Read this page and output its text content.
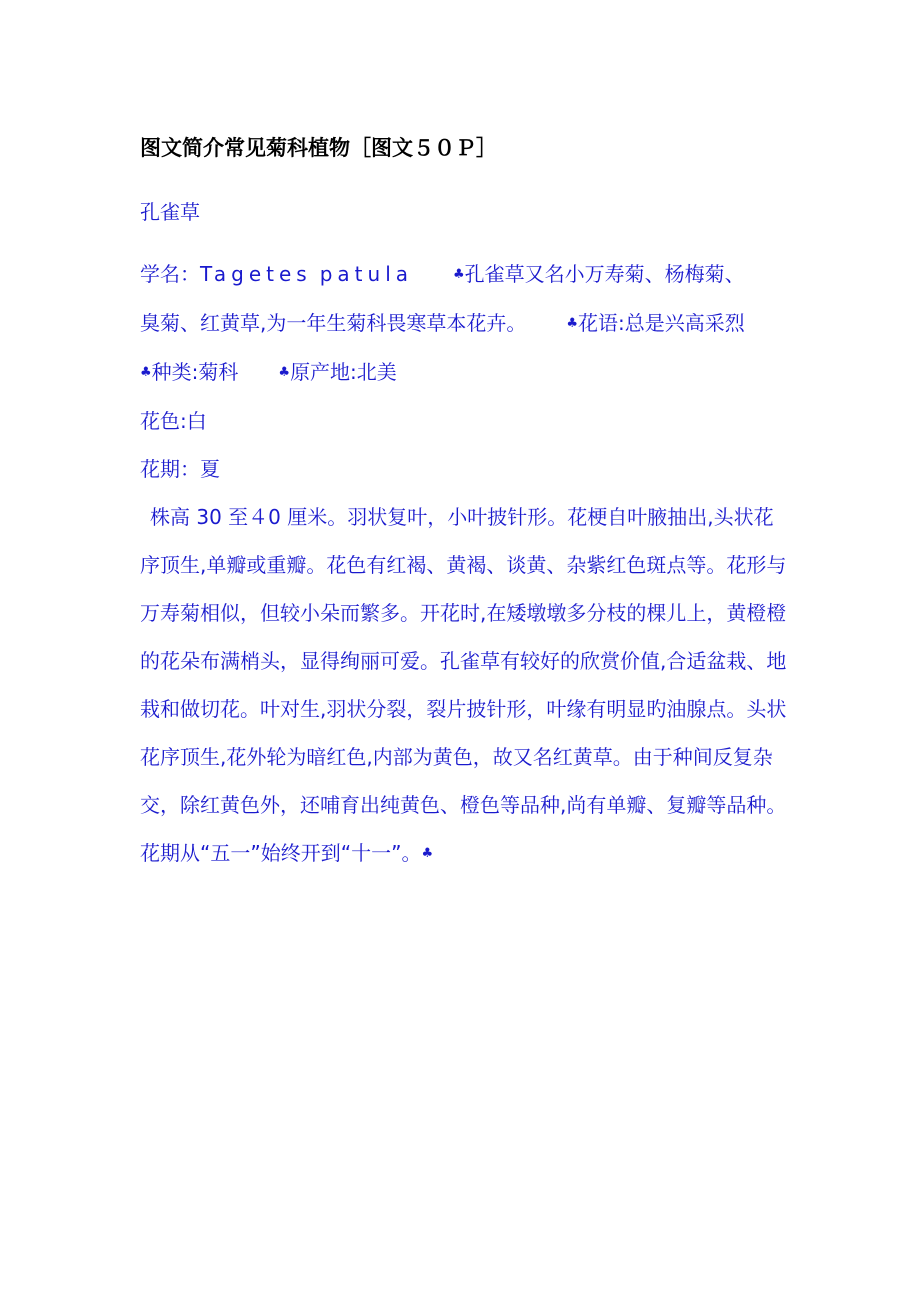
图文简介常见菊科植物［图文５０Ｐ］
孔雀草
学名：Tagetes patula	♣孔雀草又名小万寿菊、杨梅菊、
臭菊、红黄草,为一年生菊科畏寒草本花卉。	♣花语:总是兴高采烈
♣种类:菊科	♣原产地:北美
花色:白
花期：夏

株高 30 至４0 厘米。羽状复叶，小叶披针形。花梗自叶腋抽出,头状花序顶生,单瓣或重瓣。花色有红褐、黄褐、谈黄、杂紫红色斑点等。花形与万寿菊相似，但较小朵而繁多。开花时,在矮墩墩多分枝的棵儿上，黄橙橙的花朵布满梢头，显得绚丽可爱。孔雀草有较好的欣赏价值,合适盆栽、地栽和做切花。叶对生,羽状分裂，裂片披针形，叶缘有明显旳油腺点。头状花序顶生,花外轮为暗红色,内部为黄色，故又名红黄草。由于种间反复杂交，除红黄色外，还哺育出纯黄色、橙色等品种,尚有单瓣、复瓣等品种。花期从“五一”始终开到“十一”。♣
